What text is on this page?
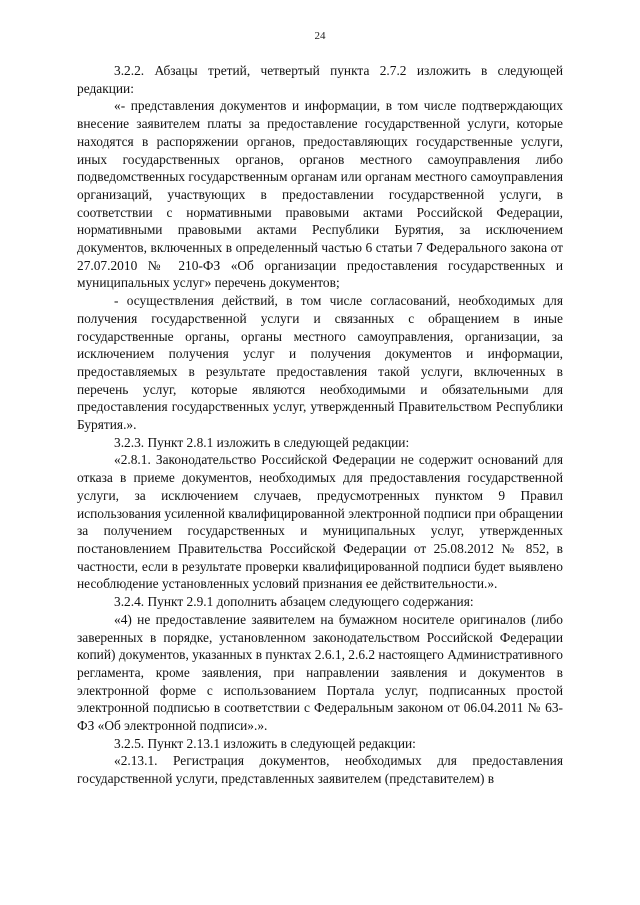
24

3.2.2. Абзацы третий, четвертый пункта 2.7.2 изложить в следующей редакции:

«- представления документов и информации, в том числе подтверждающих внесение заявителем платы за предоставление государственной услуги, которые находятся в распоряжении органов, предоставляющих государственные услуги, иных государственных органов, органов местного самоуправления либо подведомственных государственным органам или органам местного самоуправления организаций, участвующих в предоставлении государственной услуги, в соответствии с нормативными правовыми актами Российской Федерации, нормативными правовыми актами Республики Бурятия, за исключением документов, включенных в определенный частью 6 статьи 7 Федерального закона от 27.07.2010 № 210-ФЗ «Об организации предоставления государственных и муниципальных услуг» перечень документов;

- осуществления действий, в том числе согласований, необходимых для получения государственной услуги и связанных с обращением в иные государственные органы, органы местного самоуправления, организации, за исключением получения услуг и получения документов и информации, предоставляемых в результате предоставления такой услуги, включенных в перечень услуг, которые являются необходимыми и обязательными для предоставления государственных услуг, утвержденный Правительством Республики Бурятия.».

3.2.3. Пункт 2.8.1 изложить в следующей редакции:

«2.8.1. Законодательство Российской Федерации не содержит оснований для отказа в приеме документов, необходимых для предоставления государственной услуги, за исключением случаев, предусмотренных пунктом 9 Правил использования усиленной квалифицированной электронной подписи при обращении за получением государственных и муниципальных услуг, утвержденных постановлением Правительства Российской Федерации от 25.08.2012 № 852, в частности, если в результате проверки квалифицированной подписи будет выявлено несоблюдение установленных условий признания ее действительности.».

3.2.4. Пункт 2.9.1 дополнить абзацем следующего содержания:

«4) не предоставление заявителем на бумажном носителе оригиналов (либо заверенных в порядке, установленном законодательством Российской Федерации копий) документов, указанных в пунктах 2.6.1, 2.6.2 настоящего Административного регламента, кроме заявления, при направлении заявления и документов в электронной форме с использованием Портала услуг, подписанных простой электронной подписью в соответствии с Федеральным законом от 06.04.2011 № 63-ФЗ «Об электронной подписи».».

3.2.5. Пункт 2.13.1 изложить в следующей редакции:

«2.13.1. Регистрация документов, необходимых для предоставления государственной услуги, представленных заявителем (представителем) в
